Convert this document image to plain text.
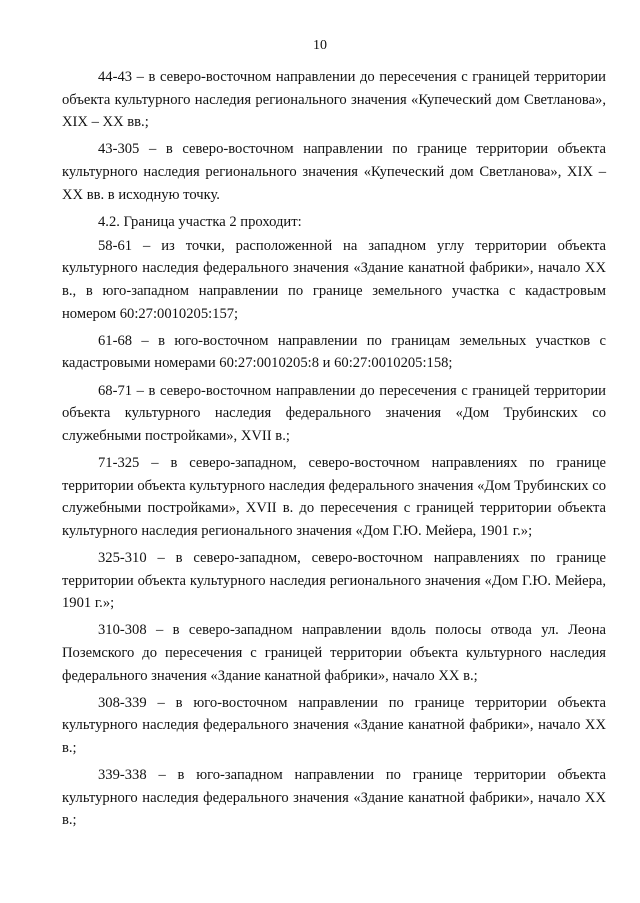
10

44-43 – в северо-восточном направлении до пересечения с границей территории объекта культурного наследия регионального значения «Купеческий дом Светланова», XIX – XX вв.;

43-305 – в северо-восточном направлении по границе территории объекта культурного наследия регионального значения «Купеческий дом Светланова», XIX – XX вв. в исходную точку.

4.2. Граница участка 2 проходит:

58-61 – из точки, расположенной на западном углу территории объекта культурного наследия федерального значения «Здание канатной фабрики», начало XX в., в юго-западном направлении по границе земельного участка с кадастровым номером 60:27:0010205:157;

61-68 – в юго-восточном направлении по границам земельных участков с кадастровыми номерами 60:27:0010205:8 и 60:27:0010205:158;

68-71 – в северо-восточном направлении до пересечения с границей территории объекта культурного наследия федерального значения «Дом Трубинских со служебными постройками», XVII в.;

71-325 – в северо-западном, северо-восточном направлениях по границе территории объекта культурного наследия федерального значения «Дом Трубинских со служебными постройками», XVII в. до пересечения с границей территории объекта культурного наследия регионального значения «Дом Г.Ю. Мейера, 1901 г.»;

325-310 – в северо-западном, северо-восточном направлениях по границе территории объекта культурного наследия регионального значения «Дом Г.Ю. Мейера, 1901 г.»;

310-308 – в северо-западном направлении вдоль полосы отвода ул. Леона Поземского до пересечения с границей территории объекта культурного наследия федерального значения «Здание канатной фабрики», начало XX в.;

308-339 – в юго-восточном направлении по границе территории объекта культурного наследия федерального значения «Здание канатной фабрики», начало XX в.;

339-338 – в юго-западном направлении по границе территории объекта культурного наследия федерального значения «Здание канатной фабрики», начало XX в.;
